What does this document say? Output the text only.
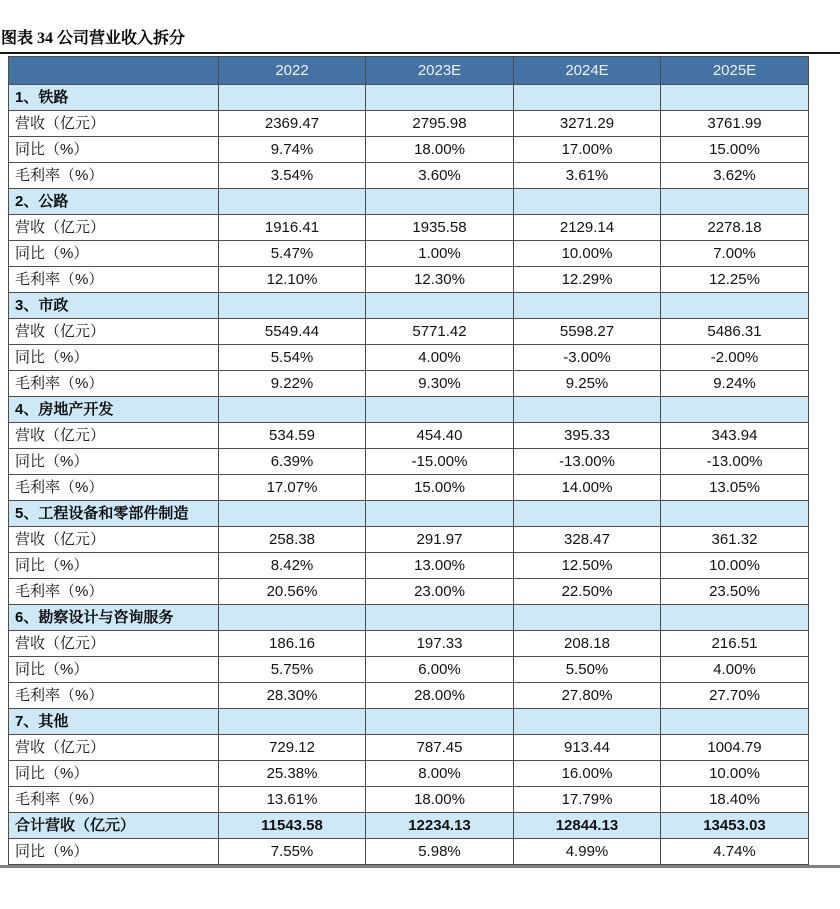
图表 34 公司营业收入拆分
	2022	2023E	2024E	2025E
1、铁路				
营收（亿元）	2369.47	2795.98	3271.29	3761.99
同比（%）	9.74%	18.00%	17.00%	15.00%
毛利率（%）	3.54%	3.60%	3.61%	3.62%
2、公路				
营收（亿元）	1916.41	1935.58	2129.14	2278.18
同比（%）	5.47%	1.00%	10.00%	7.00%
毛利率（%）	12.10%	12.30%	12.29%	12.25%
3、市政				
营收（亿元）	5549.44	5771.42	5598.27	5486.31
同比（%）	5.54%	4.00%	-3.00%	-2.00%
毛利率（%）	9.22%	9.30%	9.25%	9.24%
4、房地产开发				
营收（亿元）	534.59	454.40	395.33	343.94
同比（%）	6.39%	-15.00%	-13.00%	-13.00%
毛利率（%）	17.07%	15.00%	14.00%	13.05%
5、工程设备和零部件制造				
营收（亿元）	258.38	291.97	328.47	361.32
同比（%）	8.42%	13.00%	12.50%	10.00%
毛利率（%）	20.56%	23.00%	22.50%	23.50%
6、勘察设计与咨询服务				
营收（亿元）	186.16	197.33	208.18	216.51
同比（%）	5.75%	6.00%	5.50%	4.00%
毛利率（%）	28.30%	28.00%	27.80%	27.70%
7、其他				
营收（亿元）	729.12	787.45	913.44	1004.79
同比（%）	25.38%	8.00%	16.00%	10.00%
毛利率（%）	13.61%	18.00%	17.79%	18.40%
合计营收（亿元）	11543.58	12234.13	12844.13	13453.03
同比（%）	7.55%	5.98%	4.99%	4.74%
